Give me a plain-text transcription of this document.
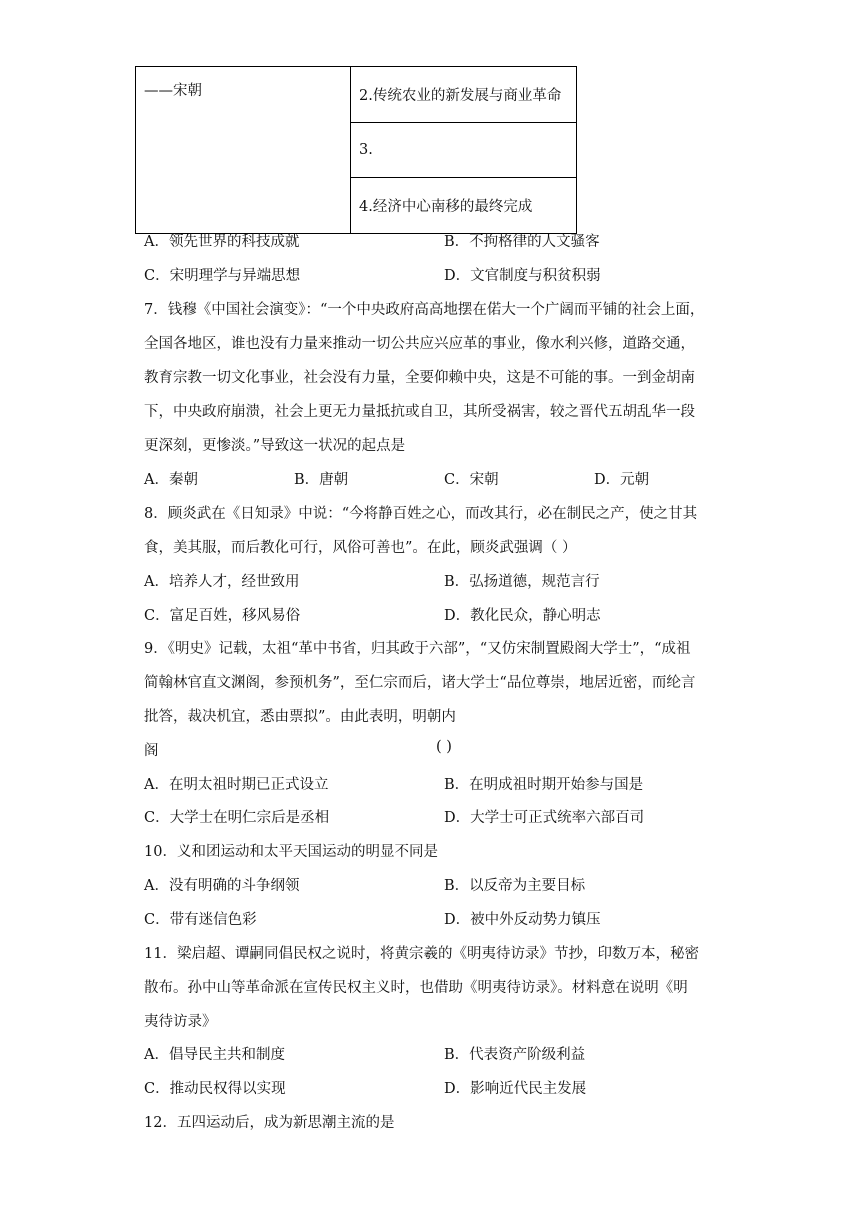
——宋朝	2.传统农业的新发展与商业革命
3.
4.经济中心南移的最终完成
A．领先世界的科技成就	B．不拘格律的人文骚客
C．宋明理学与异端思想	D．文官制度与积贫积弱
7．钱穆《中国社会演变》：“一个中央政府高高地摆在偌大一个广阔而平铺的社会上面，
全国各地区，谁也没有力量来推动一切公共应兴应革的事业，像水利兴修，道路交通，
教育宗教一切文化事业，社会没有力量，全要仰赖中央，这是不可能的事。一到金胡南
下，中央政府崩溃，社会上更无力量抵抗或自卫，其所受祸害，较之晋代五胡乱华一段
更深刻，更惨淡。”导致这一状况的起点是
A．秦朝	B．唐朝	C．宋朝	D．元朝
8．顾炎武在《日知录》中说：“今将静百姓之心，而改其行，必在制民之产，使之甘其
食，美其服，而后教化可行，风俗可善也”。在此，顾炎武强调（ ）
A．培养人才，经世致用	B．弘扬道德，规范言行
C．富足百姓，移风易俗	D．教化民众，静心明志
9．《明史》记载，太祖“革中书省，归其政于六部”，“又仿宋制置殿阁大学士”，“成祖
简翰林官直文渊阁，参预机务”，至仁宗而后，诸大学士“品位尊崇，地居近密，而纶言
批答，裁决机宜，悉由票拟”。由此表明，明朝内
阁	( )
A．在明太祖时期已正式设立	B．在明成祖时期开始参与国是
C．大学士在明仁宗后是丞相	D．大学士可正式统率六部百司
10．义和团运动和太平天国运动的明显不同是
A．没有明确的斗争纲领	B．以反帝为主要目标
C．带有迷信色彩	D．被中外反动势力镇压
11．梁启超、谭嗣同倡民权之说时，将黄宗羲的《明夷待访录》节抄，印数万本，秘密
散布。孙中山等革命派在宣传民权主义时，也借助《明夷待访录》。材料意在说明《明
夷待访录》
A．倡导民主共和制度	B．代表资产阶级利益
C．推动民权得以实现	D．影响近代民主发展
12．五四运动后，成为新思潮主流的是
